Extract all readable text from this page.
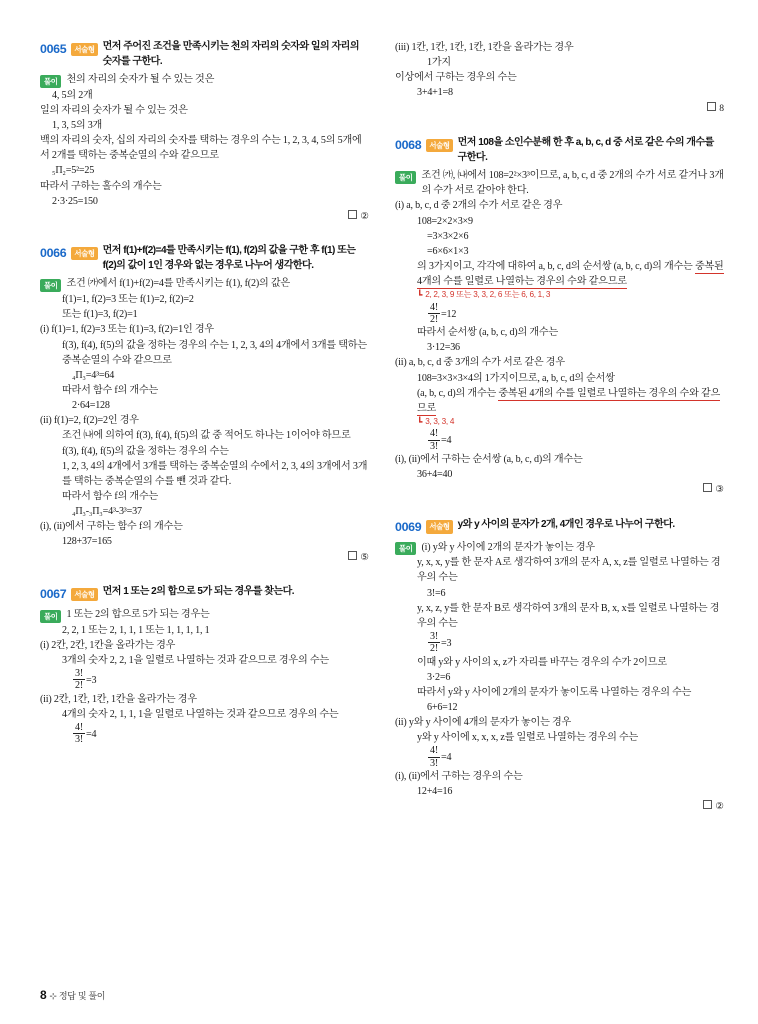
0065	서술형 먼저 주어진 조건을 만족시키는 천의 자리의 숫자와 일의 자리의 숫자를 구한다.
풀이 천의 자리의 숫자가 될 수 있는 것은

4, 5의 2개

일의 자리의 숫자가 될 수 있는 것은

1, 3, 5의 3개

백의 자리의 숫자, 십의 자리의 숫자를 택하는 경우의 수는 1, 2, 3, 4, 5의 5개에서 2개를 택하는 중복순열의 수와 같으므로

₅Π₂=5²=25

따라서 구하는 홀수의 개수는

2·3·25=150

②
0066	서술형 먼저 f(1)+f(2)=4를 만족시키는 f(1), f(2)의 값을 구한 후 f(1) 또는 f(2)의 값이 1인 경우와 없는 경우로 나누어 생각한다.
풀이 조건 ㈎에서 f(1)+f(2)=4를 만족시키는 f(1), f(2)의 값은

f(1)=1, f(2)=3 또는 f(1)=2, f(2)=2

또는 f(1)=3, f(2)=1

(i) f(1)=1, f(2)=3 또는 f(1)=3, f(2)=1인 경우

f(3), f(4), f(5)의 값을 정하는 경우의 수는 1, 2, 3, 4의 4개에서 3개를 택하는 중복순열의 수와 같으므로

₄Π₃=4³=64

따라서 함수 f의 개수는

2·64=128

(ii) f(1)=2, f(2)=2인 경우

조건 ㈏에 의하여 f(3), f(4), f(5)의 값 중 적어도 하나는 1이어야 하므로 f(3), f(4), f(5)의 값을 정하는 경우의 수는

1, 2, 3, 4의 4개에서 3개를 택하는 중복순열의 수에서 2, 3, 4의 3개에서 3개를 택하는 중복순열의 수를 뺀 것과 같다.

따라서 함수 f의 개수는

₄Π₃-₃Π₃=4³-3³=37

(i), (ii)에서 구하는 함수 f의 개수는

128+37=165

⑤
0067	서술형 먼저 1 또는 2의 합으로 5가 되는 경우를 찾는다.
풀이 1 또는 2의 합으로 5가 되는 경우는

2, 2, 1 또는 2, 1, 1, 1 또는 1, 1, 1, 1, 1

(i) 2칸, 2칸, 1칸을 올라가는 경우

3개의 숫자 2, 2, 1을 일렬로 나열하는 것과 같으므로 경우의 수는

$\frac{3!}{2!} =3$

(ii) 2칸, 1칸, 1칸, 1칸을 올라가는 경우

4개의 숫자 2, 1, 1, 1을 일렬로 나열하는 것과 같으므로 경우의 수는

$\frac{4!}{3!} =4$

(iii) 1칸, 1칸, 1칸, 1칸, 1칸을 올라가는 경우

1가지

이상에서 구하는 경우의 수는

3+4+1=8

8
0068	서술형 먼저 108을 소인수분해 한 후 a, b, c, d 중 서로 같은 수의 개수를 구한다.
풀이 조건 ㈎, ㈏에서 108=2²×3³이므로, a, b, c, d 중 2개의 수가 서로 같거나 3개의 수가 서로 같아야 한다.

(i) a, b, c, d 중 2개의 수가 서로 같은 경우

108=2×2×3×9

=3×3×2×6

=6×6×1×3

의 3가지이고, 각각에 대하여 a, b, c, d의 순서쌍 (a, b, c, d)의 개수는 중복된 4개의 수를 일렬로 나열하는 경우의 수와 같으므로

┗ 2, 2, 3, 9 또는 3, 3, 2, 6 또는 6, 6, 1, 3

$\frac{4!}{2!} =12$

따라서 순서쌍 (a, b, c, d)의 개수는

3·12=36

(ii) a, b, c, d 중 3개의 수가 서로 같은 경우

108=3×3×3×4의 1가지이므로, a, b, c, d의 순서쌍

(a, b, c, d)의 개수는 중복된 4개의 수를 일렬로 나열하는 경우의 수와 같으므로

┗ 3, 3, 3, 4

$\frac{4!}{3!} =4$

(i), (ii)에서 구하는 순서쌍 (a, b, c, d)의 개수는

36+4=40

③
0069	서술형 y와 y 사이의 문자가 2개, 4개인 경우로 나누어 구한다.
풀이 (i) y와 y 사이에 2개의 문자가 놓이는 경우

y, x, x, y를 한 문자 A로 생각하여 3개의 문자 A, x, z를 일렬로 나열하는 경우의 수는

3!=6

y, x, z, y를 한 문자 B로 생각하여 3개의 문자 B, x, x를 일렬로 나열하는 경우의 수는

$\frac{3!}{2!} =3$

이때 y와 y 사이의 x, z가 자리를 바꾸는 경우의 수가 2이므로

3·2=6

따라서 y와 y 사이에 2개의 문자가 놓이도록 나열하는 경우의 수는

6+6=12

(ii) y와 y 사이에 4개의 문자가 놓이는 경우

y와 y 사이에 x, x, x, z를 일렬로 나열하는 경우의 수는

$\frac{4!}{3!} =4$

(i), (ii)에서 구하는 경우의 수는

12+4=16

②
8 ⊹ 정답 및 풀이
